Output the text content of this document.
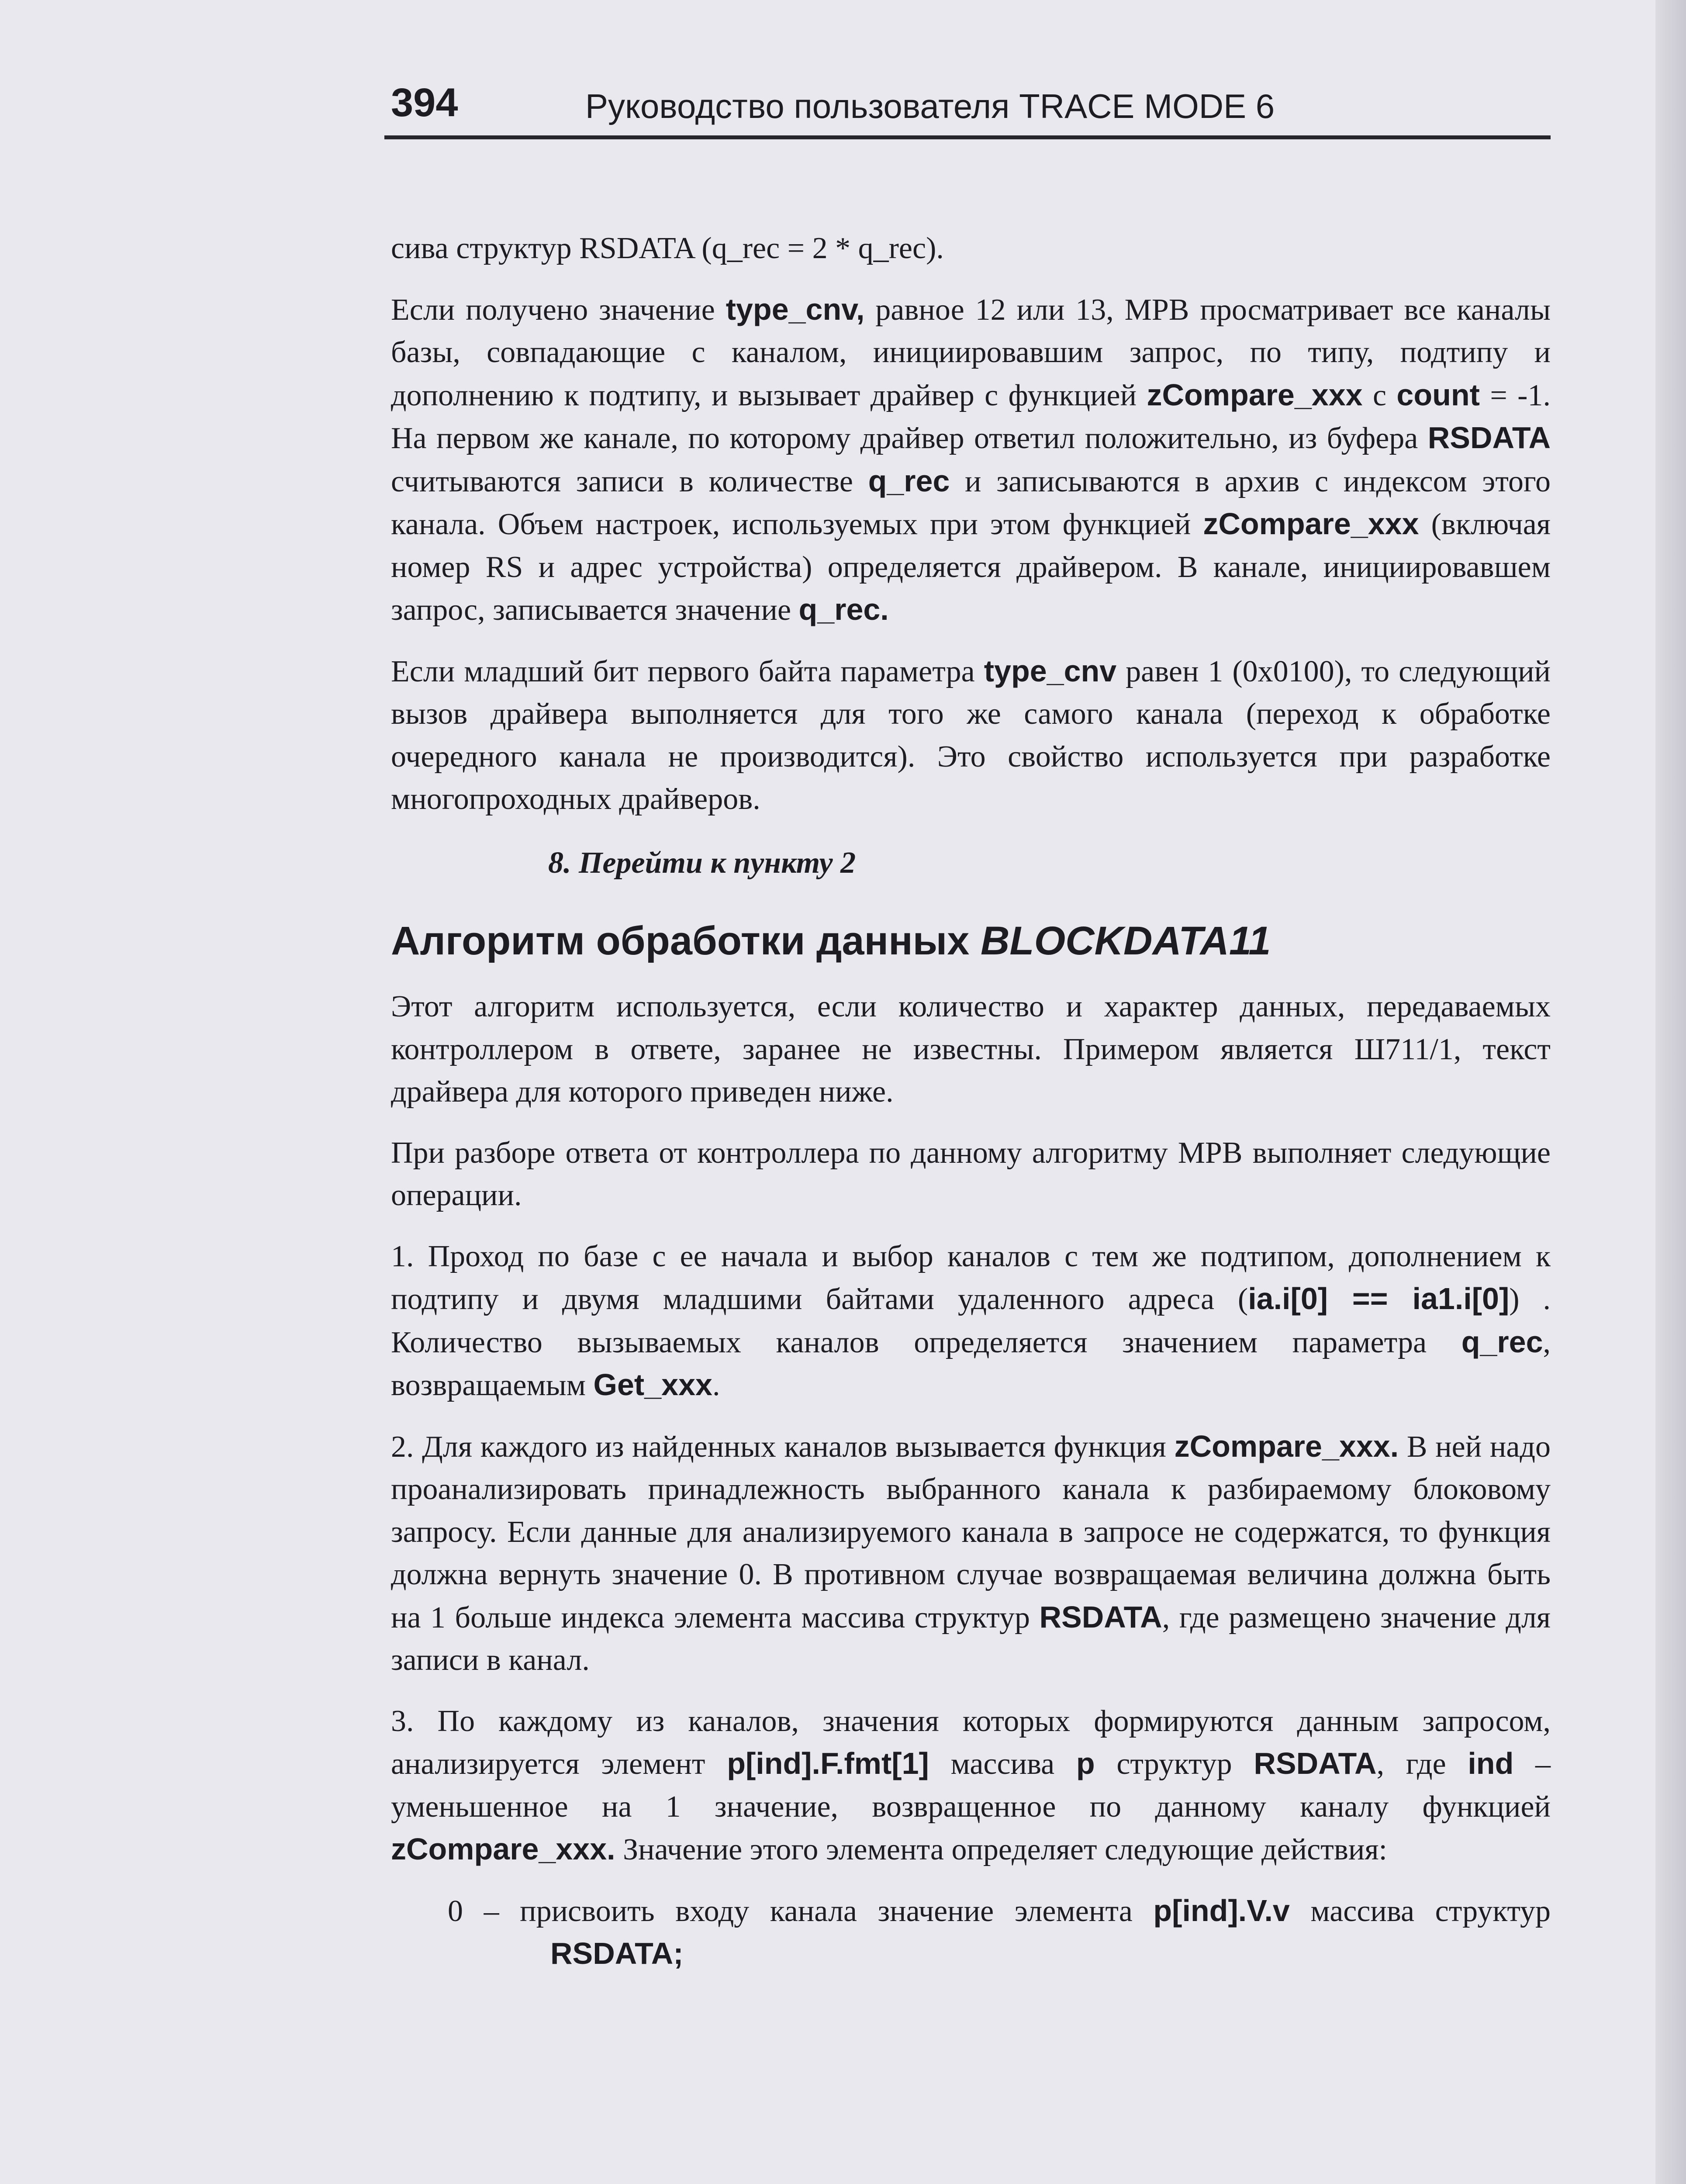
394	Руководство пользователя TRACE MODE 6

сива структур RSDATA (q_rec = 2 * q_rec).

Если получено значение type_cnv, равное 12 или 13, МРВ просматривает все каналы базы, совпадающие с каналом, инициировавшим запрос, по типу, подтипу и дополнению к подтипу, и вызывает драйвер с функцией zCompare_xxx с count = -1. На первом же канале, по которому драйвер ответил положительно, из буфера RSDATA считываются записи в количестве q_rec и записываются в архив с индексом этого канала. Объем настроек, используемых при этом функцией zCompare_xxx (включая номер RS и адрес устройства) определяется драйвером. В канале, инициировавшем запрос, записывается значение q_rec.

Если младший бит первого байта параметра type_cnv равен 1 (0x0100), то следующий вызов драйвера выполняется для того же самого канала (переход к обработке очередного канала не производится). Это свойство используется при разработке многопроходных драйверов.

8. Перейти к пункту 2

Алгоритм обработки данных BLOCKDATA11

Этот алгоритм используется, если количество и характер данных, передаваемых контроллером в ответе, заранее не известны. Примером является Ш711/1, текст драйвера для которого приведен ниже.

При разборе ответа от контроллера по данному алгоритму МРВ выполняет следующие операции.

1. Проход по базе с ее начала и выбор каналов с тем же подтипом, дополнением к подтипу и двумя младшими байтами удаленного адреса (ia.i[0] == ia1.i[0]) . Количество вызываемых каналов определяется значением параметра q_rec, возвращаемым Get_xxx.

2. Для каждого из найденных каналов вызывается функция zCompare_xxx. В ней надо проанализировать принадлежность выбранного канала к разбираемому блоковому запросу. Если данные для анализируемого канала в запросе не содержатся, то функция должна вернуть значение 0. В противном случае возвращаемая величина должна быть на 1 больше индекса элемента массива структур RSDATA, где размещено значение для записи в канал.

3. По каждому из каналов, значения которых формируются данным запросом, анализируется элемент p[ind].F.fmt[1] массива p структур RSDATA, где ind –уменьшенное на 1 значение, возвращенное по данному каналу функцией zCompare_xxx. Значение этого элемента определяет следующие действия:

0 – присвоить входу канала значение элемента p[ind].V.v массива структур RSDATA;
